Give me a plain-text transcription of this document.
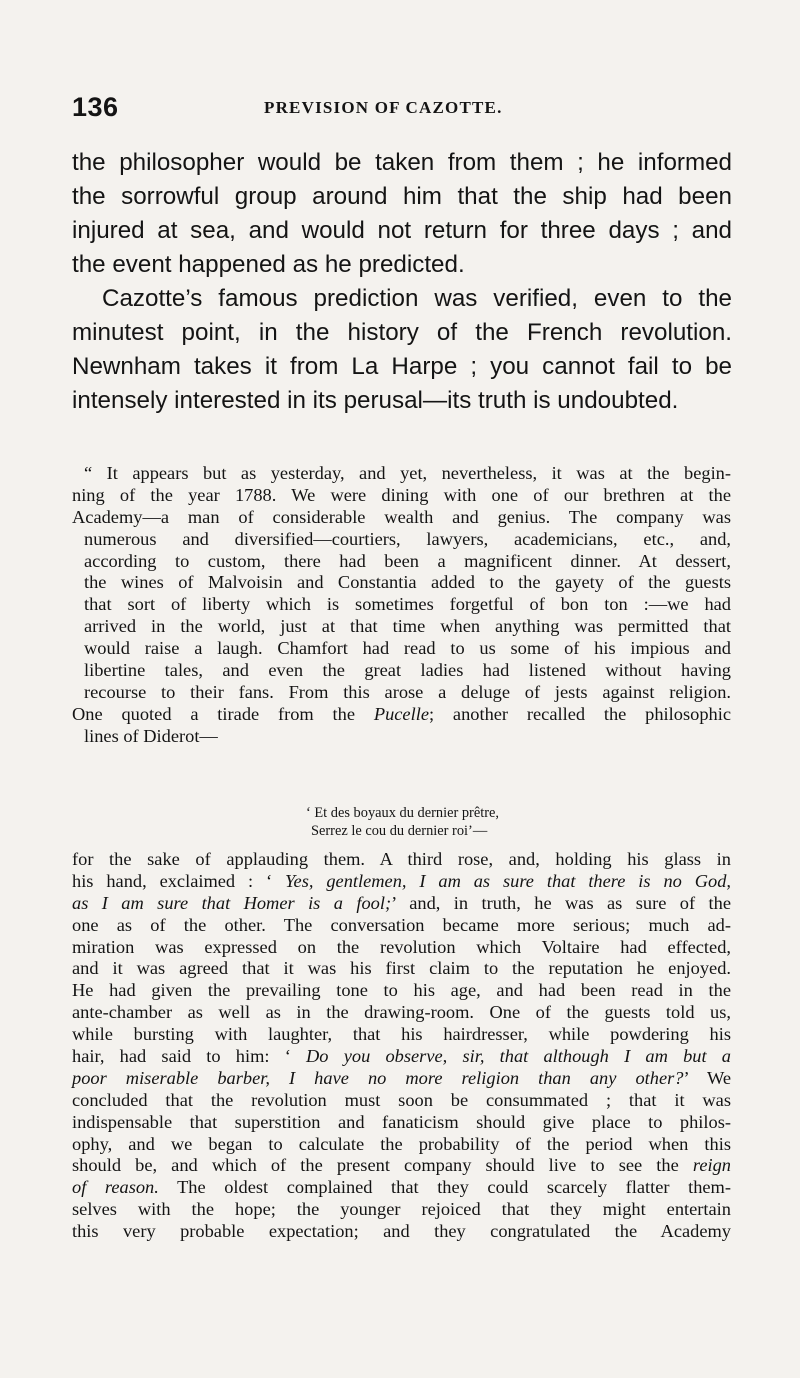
136	PREVISION OF CAZOTTE.
the philosopher would be taken from them ; he informed
the sorrowful group around him that the ship had been
injured at sea, and would not return for three days ; and
the event happened as he predicted.
Cazotte’s famous prediction was verified, even to the
minutest point, in the history of the French revolution.
Newnham takes it from La Harpe ; you cannot fail to be
intensely interested in its perusal—its truth is undoubted.
“ It appears but as yesterday, and yet, nevertheless, it was at the begin-
ning of the year 1788. We were dining with one of our brethren at the
Academy—a man of considerable wealth and genius. The company was
numerous and diversified—courtiers, lawyers, academicians, etc., and,
according to custom, there had been a magnificent dinner. At dessert,
the wines of Malvoisin and Constantia added to the gayety of the guests
that sort of liberty which is sometimes forgetful of bon ton :—we had
arrived in the world, just at that time when anything was permitted that
would raise a laugh. Chamfort had read to us some of his impious and
libertine tales, and even the great ladies had listened without having
recourse to their fans. From this arose a deluge of jests against religion.
One quoted a tirade from the Pucelle; another recalled the philosophic
lines of Diderot—
‘ Et des boyaux du dernier prêtre,
Serrez le cou du dernier roi’—
for the sake of applauding them. A third rose, and, holding his glass in
his hand, exclaimed : ‘ Yes, gentlemen, I am as sure that there is no God,
as I am sure that Homer is a fool;’ and, in truth, he was as sure of the
one as of the other. The conversation became more serious; much ad-
miration was expressed on the revolution which Voltaire had effected,
and it was agreed that it was his first claim to the reputation he enjoyed.
He had given the prevailing tone to his age, and had been read in the
ante-chamber as well as in the drawing-room. One of the guests told us,
while bursting with laughter, that his hairdresser, while powdering his
hair, had said to him: ‘ Do you observe, sir, that although I am but a
poor miserable barber, I have no more religion than any other?’ We
concluded that the revolution must soon be consummated ; that it was
indispensable that superstition and fanaticism should give place to philos-
ophy, and we began to calculate the probability of the period when this
should be, and which of the present company should live to see the reign
of reason. The oldest complained that they could scarcely flatter them-
selves with the hope; the younger rejoiced that they might entertain
this very probable expectation; and they congratulated the Academy
